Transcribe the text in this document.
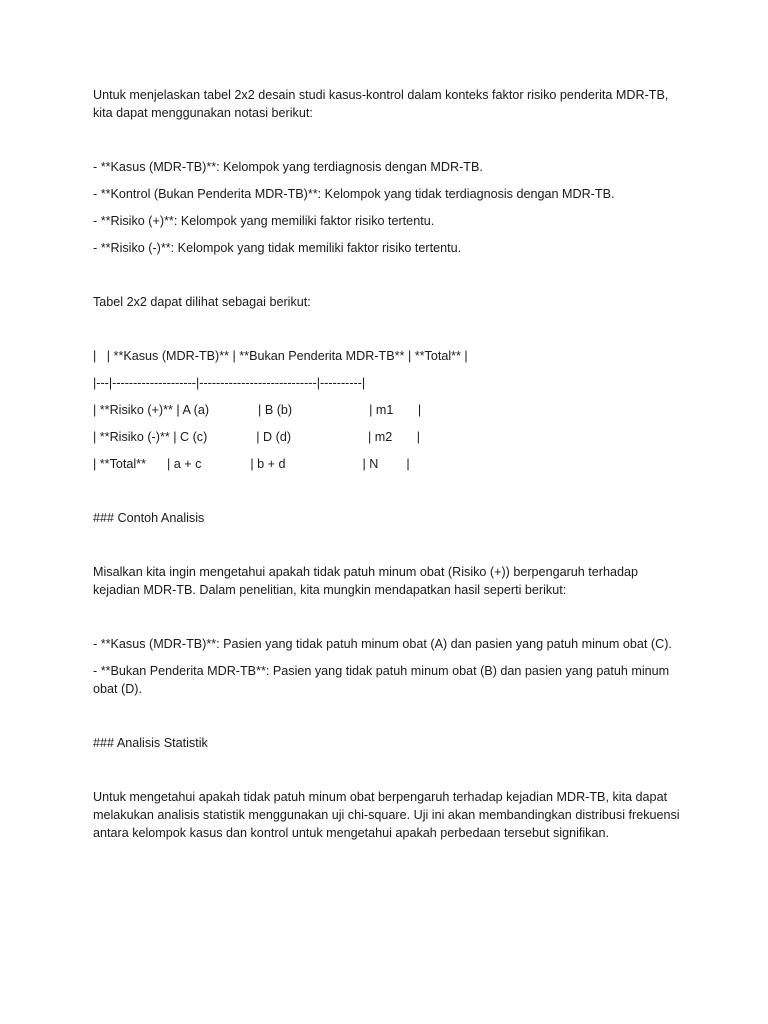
Untuk menjelaskan tabel 2x2 desain studi kasus-kontrol dalam konteks faktor risiko penderita MDR-TB, kita dapat menggunakan notasi berikut:

- **Kasus (MDR-TB)**: Kelompok yang terdiagnosis dengan MDR-TB.

- **Kontrol (Bukan Penderita MDR-TB)**: Kelompok yang tidak terdiagnosis dengan MDR-TB.

- **Risiko (+)**: Kelompok yang memiliki faktor risiko tertentu.

- **Risiko (-)**: Kelompok yang tidak memiliki faktor risiko tertentu.

Tabel 2x2 dapat dilihat sebagai berikut:

|   | **Kasus (MDR-TB)** | **Bukan Penderita MDR-TB** | **Total** |

|---|--------------------|----------------------------|----------|

| **Risiko (+)** | A (a)              | B (b)                      | m1       |

| **Risiko (-)** | C (c)              | D (d)                      | m2       |

| **Total**      | a + c              | b + d                      | N        |

### Contoh Analisis

Misalkan kita ingin mengetahui apakah tidak patuh minum obat (Risiko (+)) berpengaruh terhadap kejadian MDR-TB. Dalam penelitian, kita mungkin mendapatkan hasil seperti berikut:

- **Kasus (MDR-TB)**: Pasien yang tidak patuh minum obat (A) dan pasien yang patuh minum obat (C).

- **Bukan Penderita MDR-TB**: Pasien yang tidak patuh minum obat (B) dan pasien yang patuh minum obat (D).

### Analisis Statistik

Untuk mengetahui apakah tidak patuh minum obat berpengaruh terhadap kejadian MDR-TB, kita dapat melakukan analisis statistik menggunakan uji chi-square. Uji ini akan membandingkan distribusi frekuensi antara kelompok kasus dan kontrol untuk mengetahui apakah perbedaan tersebut signifikan.
